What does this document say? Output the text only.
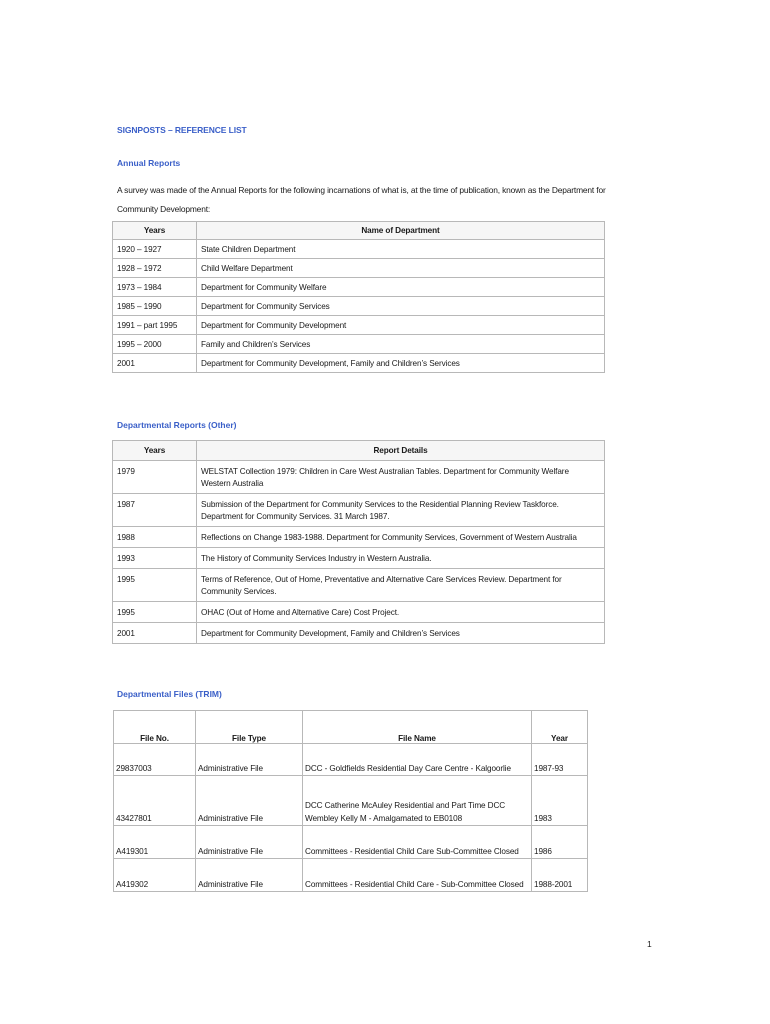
SIGNPOSTS – REFERENCE LIST
Annual Reports
A survey was made of the Annual Reports for the following incarnations of what is, at the time of publication, known as the Department for Community Development:
Years	Name of Department
1920 – 1927	State Children Department
1928 – 1972	Child Welfare Department
1973 – 1984	Department for Community Welfare
1985 – 1990	Department for Community Services
1991 – part 1995	Department for Community Development
1995 – 2000	Family and Children’s Services
2001	Department for Community Development, Family and Children’s Services
Departmental Reports (Other)
Years	Report Details
1979	WELSTAT Collection 1979: Children in Care West Australian Tables. Department for Community Welfare Western Australia
1987	Submission of the Department for Community Services to the Residential Planning Review Taskforce. Department for Community Services. 31 March 1987.
1988	Reflections on Change 1983-1988. Department for Community Services, Government of Western Australia
1993	The History of Community Services Industry in Western Australia.
1995	Terms of Reference, Out of Home, Preventative and Alternative Care Services Review. Department for Community Services.
1995	OHAC (Out of Home and Alternative Care) Cost Project.
2001	Department for Community Development, Family and Children’s Services
Departmental Files (TRIM)
File No.	File Type	File Name	Year
29837003	Administrative File	DCC - Goldfields Residential Day Care Centre - Kalgoorlie	1987-93
43427801	Administrative File	DCC Catherine McAuley Residential and Part Time DCC Wembley Kelly M - Amalgamated to EB0108	1983
A419301	Administrative File	Committees - Residential Child Care Sub-Committee Closed	1986
A419302	Administrative File	Committees - Residential Child Care - Sub-Committee Closed	1988-2001
1
